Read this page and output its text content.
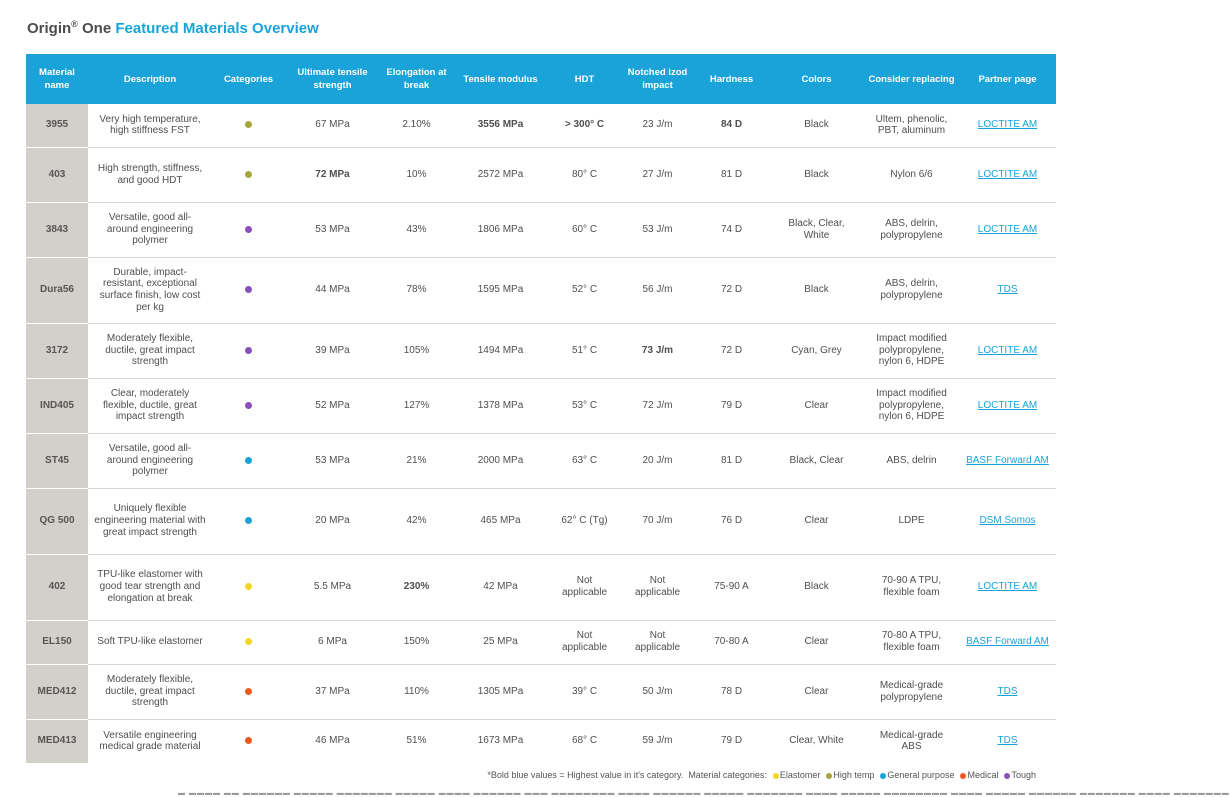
Origin® One Featured Materials Overview
Material name	Description	Categories	Ultimate tensile strength	Elongation at break	Tensile modulus	HDT	Notched izod impact	Hardness	Colors	Consider replacing	Partner page
3955	Very high temperature, high stiffness FST		67 MPa	2.10%	3556 MPa	> 300° C	23 J/m	84 D	Black	Ultem, phenolic, PBT, aluminum	LOCTITE AM
403	High strength, stiffness, and good HDT		72 MPa	10%	2572 MPa	80° C	27 J/m	81 D	Black	Nylon 6/6	LOCTITE AM
3843	Versatile, good all-around engineering polymer		53 MPa	43%	1806 MPa	60° C	53 J/m	74 D	Black, Clear, White	ABS, delrin, polypropylene	LOCTITE AM
Dura56	Durable, impact-resistant, exceptional surface finish, low cost per kg		44 MPa	78%	1595 MPa	52° C	56 J/m	72 D	Black	ABS, delrin, polypropylene	TDS
3172	Moderately flexible, ductile, great impact strength		39 MPa	105%	1494 MPa	51° C	73 J/m	72 D	Cyan, Grey	Impact modified polypropylene, nylon 6, HDPE	LOCTITE AM
IND405	Clear, moderately flexible, ductile, great impact strength		52 MPa	127%	1378 MPa	53° C	72 J/m	79 D	Clear	Impact modified polypropylene, nylon 6, HDPE	LOCTITE AM
ST45	Versatile, good all-around engineering polymer		53 MPa	21%	2000 MPa	63° C	20 J/m	81 D	Black, Clear	ABS, delrin	BASF Forward AM
QG 500	Uniquely flexible engineering material with great impact strength		20 MPa	42%	465 MPa	62° C (Tg)	70 J/m	76 D	Clear	LDPE	DSM Somos
402	TPU-like elastomer with good tear strength and elongation at break		5.5 MPa	230%	42 MPa	Not applicable	Not applicable	75-90 A	Black	70-90 A TPU, flexible foam	LOCTITE AM
EL150	Soft TPU-like elastomer		6 MPa	150%	25 MPa	Not applicable	Not applicable	70-80 A	Clear	70-80 A TPU, flexible foam	BASF Forward AM
MED412	Moderately flexible, ductile, great impact strength		37 MPa	110%	1305 MPa	39° C	50 J/m	78 D	Clear	Medical-grade polypropylene	TDS
MED413	Versatile engineering medical grade material		46 MPa	51%	1673 MPa	68° C	59 J/m	79 D	Clear, White	Medical-grade ABS	TDS
*Bold blue values = Highest value in it's category. Material categories: Elastomer High temp General purpose Medical Tough
▬ ▬▬▬▬ ▬▬ ▬▬▬▬▬▬ ▬▬▬▬▬ ▬▬▬▬▬▬▬ ▬▬▬▬▬ ▬▬▬▬ ▬▬▬▬▬▬ ▬▬▬ ▬▬▬▬▬▬▬▬ ▬▬▬▬ ▬▬▬▬▬▬ ▬▬▬▬▬ ▬▬▬▬▬▬▬ ▬▬▬▬ ▬▬▬▬▬ ▬▬▬▬▬▬▬▬ ▬▬▬▬ ▬▬▬▬▬ ▬▬▬▬▬▬ ▬▬▬▬▬▬▬ ▬▬▬▬ ▬▬▬▬▬▬▬
